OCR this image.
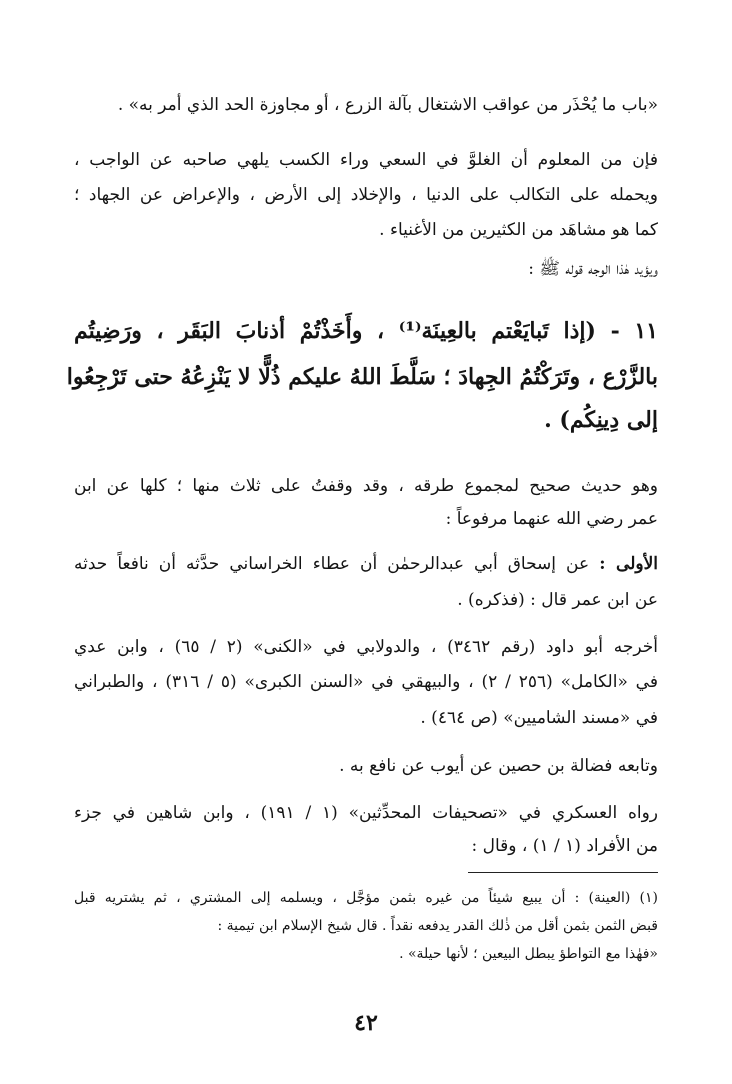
«باب ما يُحْذَر من عواقب الاشتغال بآلة الزرع ، أو مجاوزة الحد الذي أمر به» .
فإن من المعلوم أن الغلوَّ في السعي وراء الكسب يلهي صاحبه عن الواجب ،
ويحمله على التكالب على الدنيا ، والإخلاد إلى الأرض ، والإعراض عن الجهاد ؛
كما هو مشاهَد من الكثيرين من الأغنياء .
ويؤيد هٰذا الوجه قوله ﷺ :
١١ - (إذا تَبايَعْتم بالعِينَة⁽¹⁾ ، وأَخَذْتُمْ أذنابَ البَقَر ، ورَضِيتُم
بالزَّرْع ، وتَرَكْتُمُ الجِهادَ ؛ سَلَّطَ اللهُ عليكم ذُلًّا لا يَنْزِعُهُ حتى تَرْجِعُوا
إلى دِينِكُم) .
وهو حديث صحيح لمجموع طرقه ، وقد وقفتُ على ثلاث منها ؛ كلها عن ابن
عمر رضي الله عنهما مرفوعاً :
الأولى : عن إسحاق أبي عبدالرحمٰن أن عطاء الخراساني حدَّثه أن نافعاً حدثه
عن ابن عمر قال : (فذكره) .
أخرجه أبو داود (رقم ٣٤٦٢) ، والدولابي في «الكنى» (٢ / ٦٥) ، وابن عدي
في «الكامل» (٢٥٦ / ٢) ، والبيهقي في «السنن الكبرى» (٥ / ٣١٦) ، والطبراني
في «مسند الشاميين» (ص ٤٦٤) .
وتابعه فضالة بن حصين عن أيوب عن نافع به .
رواه العسكري في «تصحيفات المحدِّثين» (١ / ١٩١) ، وابن شاهين في جزء
من الأفراد (١ / ١) ، وقال :
(١) (العينة) : أن يبيع شيئاً من غيره بثمن مؤجَّل ، ويسلمه إلى المشتري ، ثم يشتريه قبل
قبض الثمن بثمن أقل من ذٰلك القدر يدفعه نقداً . قال شيخ الإسلام ابن تيمية :
«فهٰذا مع التواطؤ يبطل البيعين ؛ لأنها حيلة» .
٤٢
